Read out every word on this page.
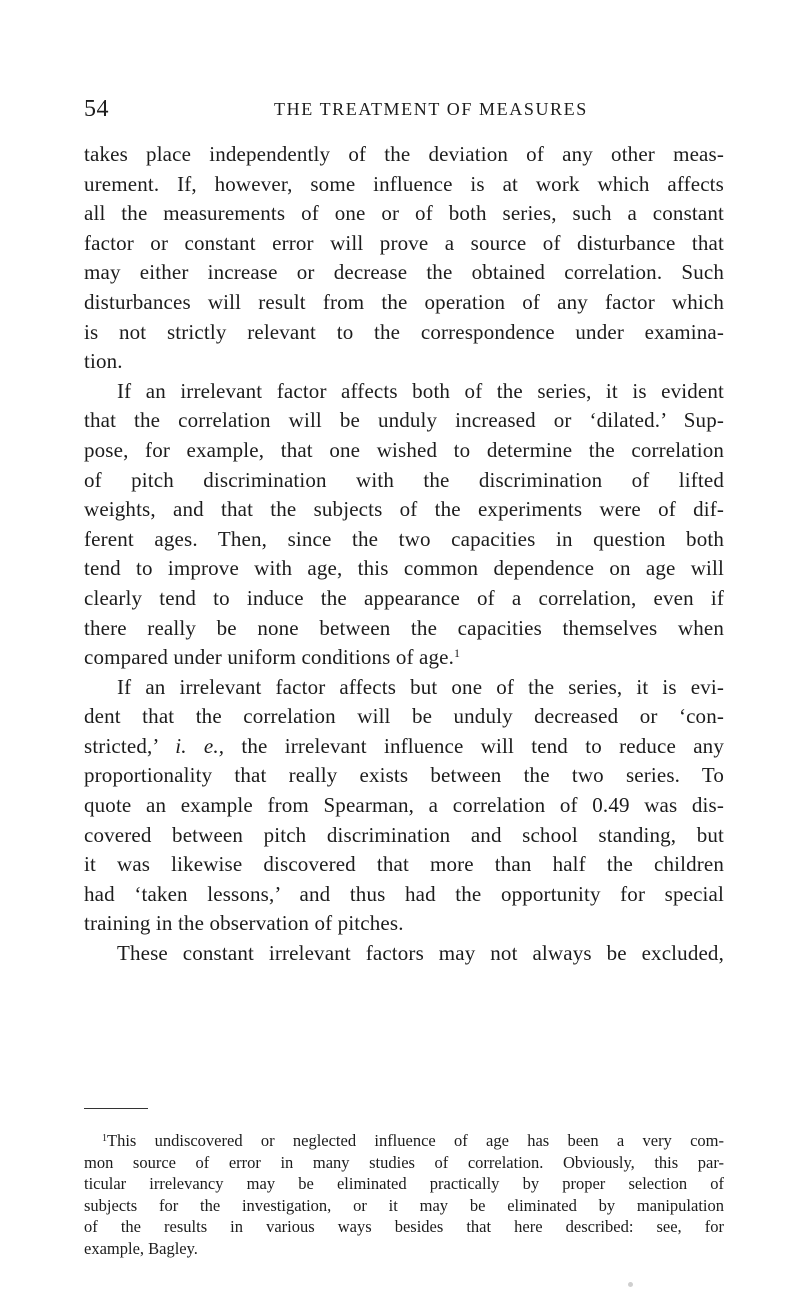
54	THE TREATMENT OF MEASURES
takes place independently of the deviation of any other meas-
urement. If, however, some influence is at work which affects
all the measurements of one or of both series, such a constant
factor or constant error will prove a source of disturbance that
may either increase or decrease the obtained correlation. Such
disturbances will result from the operation of any factor which
is not strictly relevant to the correspondence under examina-
tion.
If an irrelevant factor affects both of the series, it is evident
that the correlation will be unduly increased or ‘dilated.’ Sup-
pose, for example, that one wished to determine the correlation
of pitch discrimination with the discrimination of lifted
weights, and that the subjects of the experiments were of dif-
ferent ages. Then, since the two capacities in question both
tend to improve with age, this common dependence on age will
clearly tend to induce the appearance of a correlation, even if
there really be none between the capacities themselves when
compared under uniform conditions of age.$^1$
If an irrelevant factor affects but one of the series, it is evi-
dent that the correlation will be unduly decreased or ‘con-
stricted,’ i. e., the irrelevant influence will tend to reduce any
proportionality that really exists between the two series. To
quote an example from Spearman, a correlation of 0.49 was dis-
covered between pitch discrimination and school standing, but
it was likewise discovered that more than half the children
had ‘taken lessons,’ and thus had the opportunity for special
training in the observation of pitches.
These constant irrelevant factors may not always be excluded,
$^1$This undiscovered or neglected influence of age has been a very com-
mon source of error in many studies of correlation. Obviously, this par-
ticular irrelevancy may be eliminated practically by proper selection of
subjects for the investigation, or it may be eliminated by manipulation
of the results in various ways besides that here described: see, for
example, Bagley.
